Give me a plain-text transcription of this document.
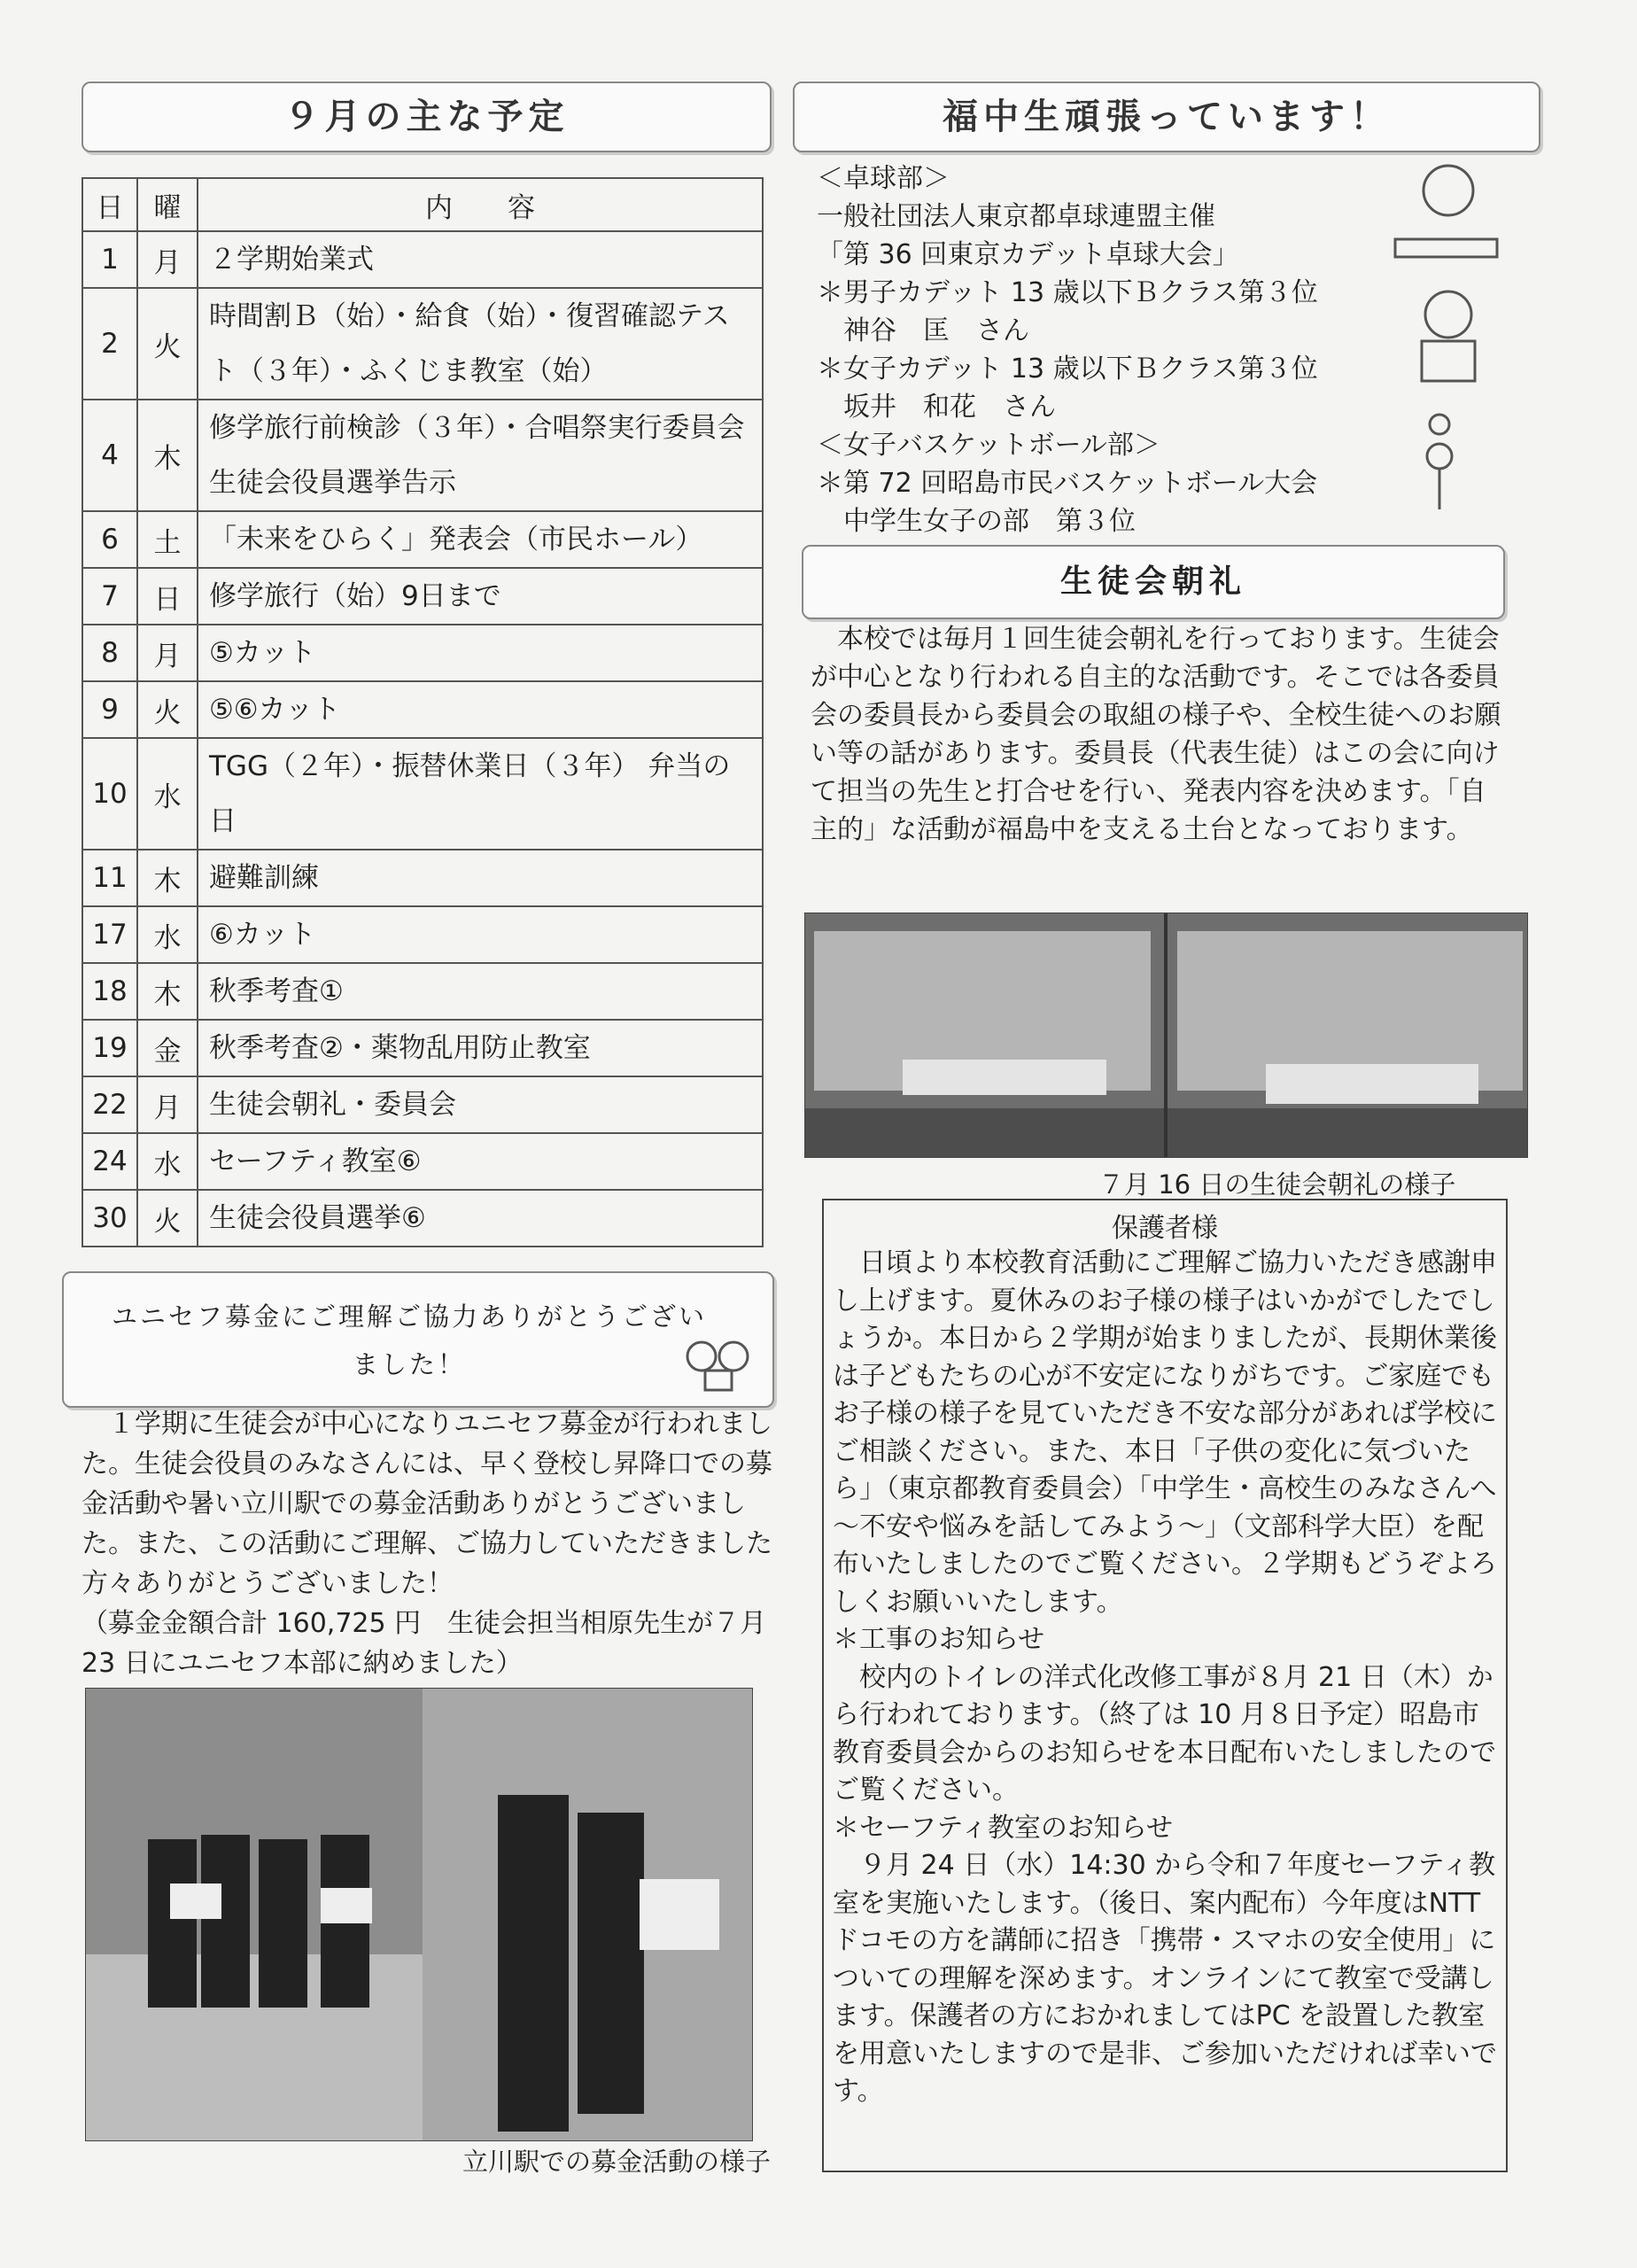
９月の主な予定
日	曜	内　　容
1	月	２学期始業式
2	火	時間割Ｂ（始）・給食（始）・復習確認テスト（３年）・ふくじま教室（始）
4	木	修学旅行前検診（３年）・合唱祭実行委員会 生徒会役員選挙告示
6	土	「未来をひらく」発表会（市民ホール）
7	日	修学旅行（始）9日まで
8	月	⑤カット
9	火	⑤⑥カット
10	水	TGG（２年）・振替休業日（３年） 弁当の日
11	木	避難訓練
17	水	⑥カット
18	木	秋季考査①
19	金	秋季考査②・薬物乱用防止教室
22	月	生徒会朝礼・委員会
24	水	セーフティ教室⑥
30	火	生徒会役員選挙⑥
ユニセフ募金にご理解ご協力ありがとうございました！
　１学期に生徒会が中心になりユニセフ募金が行われました。生徒会役員のみなさんには、早く登校し昇降口での募金活動や暑い立川駅での募金活動ありがとうございました。また、この活動にご理解、ご協力していただきました方々ありがとうございました！
（募金金額合計 160,725 円　生徒会担当相原先生が７月 23 日にユニセフ本部に納めました）
立川駅での募金活動の様子
福中生頑張っています！
＜卓球部＞
一般社団法人東京都卓球連盟主催
「第 36 回東京カデット卓球大会」
＊男子カデット 13 歳以下Ｂクラス第３位
　神谷　匡　さん
＊女子カデット 13 歳以下Ｂクラス第３位
　坂井　和花　さん
＜女子バスケットボール部＞
＊第 72 回昭島市民バスケットボール大会
　中学生女子の部　第３位
生徒会朝礼
　本校では毎月１回生徒会朝礼を行っております。生徒会が中心となり行われる自主的な活動です。そこでは各委員会の委員長から委員会の取組の様子や、全校生徒へのお願い等の話があります。委員長（代表生徒）はこの会に向けて担当の先生と打合せを行い、発表内容を決めます。「自主的」な活動が福島中を支える土台となっております。
７月 16 日の生徒会朝礼の様子
保護者様
　日頃より本校教育活動にご理解ご協力いただき感謝申し上げます。夏休みのお子様の様子はいかがでしたでしょうか。本日から２学期が始まりましたが、長期休業後は子どもたちの心が不安定になりがちです。ご家庭でもお子様の様子を見ていただき不安な部分があれば学校にご相談ください。また、本日「子供の変化に気づいたら」（東京都教育委員会）「中学生・高校生のみなさんへ～不安や悩みを話してみよう～」（文部科学大臣）を配布いたしましたのでご覧ください。２学期もどうぞよろしくお願いいたします。
＊工事のお知らせ
　校内のトイレの洋式化改修工事が８月 21 日（木）から行われております。（終了は 10 月８日予定）昭島市教育委員会からのお知らせを本日配布いたしましたのでご覧ください。
＊セーフティ教室のお知らせ
　９月 24 日（水）14:30 から令和７年度セーフティ教室を実施いたします。（後日、案内配布）今年度はNTT ドコモの方を講師に招き「携帯・スマホの安全使用」についての理解を深めます。オンラインにて教室で受講します。保護者の方におかれましてはPC を設置した教室を用意いたしますので是非、ご参加いただければ幸いです。
